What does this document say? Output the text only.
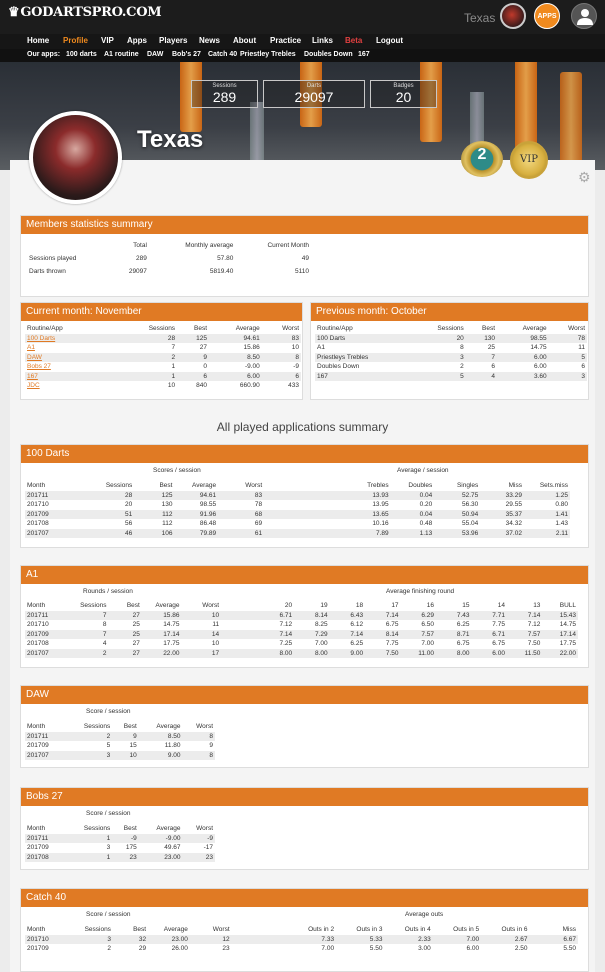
♛GODARTSPRO.COM	Texas	APPS
Home Profile VIP Apps Players News About Practice Links Beta Logout
Our apps: 100 darts A1 routine DAW Bob's 27 Catch 40 Priestley Trebles Doubles Down 167
Sessions
289
Darts
29097
Badges
20
Texas
2	VIP
⚙
Members statistics summary
	Total	Monthly average	Current Month
Sessions played	289	57.80	49
Darts thrown	29097	5819.40	5110
Current month: November
Routine/App	Sessions	Best	Average	Worst
100 Darts	28	125	94.61	83
A1	7	27	15.86	10
DAW	2	9	8.50	8
Bobs 27	1	0	-9.00	-9
167	1	6	6.00	6
JDC	10	840	660.90	433
Previous month: October
Routine/App	Sessions	Best	Average	Worst
100 Darts	20	130	98.55	78
A1	8	25	14.75	11
Priestleys Trebles	3	7	6.00	5
Doubles Down	2	6	6.00	6
167	5	4	3.60	3
All played applications summary
100 Darts
Scores / session	Average / session
Month	Sessions	Best	Average	Worst	Trebles	Doubles	Singles	Miss	Sets.miss
201711	28	125	94.61	83	13.93	0.04	52.75	33.29	1.25
201710	20	130	98.55	78	13.95	0.20	56.30	29.55	0.80
201709	51	112	91.96	68	13.65	0.04	50.94	35.37	1.41
201708	56	112	86.48	69	10.16	0.48	55.04	34.32	1.43
201707	46	106	79.89	61	7.89	1.13	53.96	37.02	2.11
A1
Rounds / session	Average finishing round
Month	Sessions	Best	Average	Worst	20	19	18	17	16	15	14	13	BULL
201711	7	27	15.86	10	6.71	8.14	6.43	7.14	6.29	7.43	7.71	7.14	15.43
201710	8	25	14.75	11	7.12	8.25	6.12	6.75	6.50	6.25	7.75	7.12	14.75
201709	7	25	17.14	14	7.14	7.29	7.14	8.14	7.57	8.71	6.71	7.57	17.14
201708	4	27	17.75	10	7.25	7.00	6.25	7.75	7.00	6.75	6.75	7.50	17.75
201707	2	27	22.00	17	8.00	8.00	9.00	7.50	11.00	8.00	6.00	11.50	22.00
DAW
Score / session
Month	Sessions	Best	Average	Worst
201711	2	9	8.50	8
201709	5	15	11.80	9
201707	3	10	9.00	8
Bobs 27
Score / session
Month	Sessions	Best	Average	Worst
201711	1	-9	-9.00	-9
201709	3	175	49.67	-17
201708	1	23	23.00	23
Catch 40
Score / session	Average outs
Month	Sessions	Best	Average	Worst	Outs in 2	Outs in 3	Outs in 4	Outs in 5	Outs in 6	Miss
201710	3	32	23.00	12	7.33	5.33	2.33	7.00	2.67	6.67
201709	2	29	26.00	23	7.00	5.50	3.00	6.00	2.50	5.50
